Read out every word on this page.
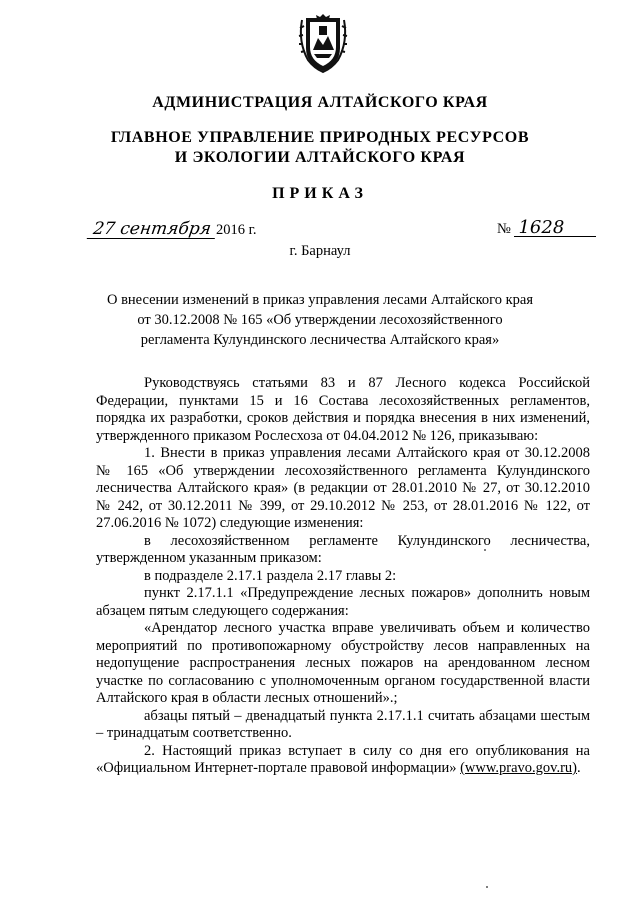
АДМИНИСТРАЦИЯ АЛТАЙСКОГО КРАЯ
ГЛАВНОЕ УПРАВЛЕНИЕ ПРИРОДНЫХ РЕСУРСОВ
И ЭКОЛОГИИ АЛТАЙСКОГО КРАЯ
ПРИКАЗ
27 сентября 2016 г.	№ 1628
г. Барнаул
О внесении изменений в приказ управления лесами Алтайского края
от 30.12.2008 № 165 «Об утверждении лесохозяйственного
регламента Кулундинского лесничества Алтайского края»

Руководствуясь статьями 83 и 87 Лесного кодекса Российской Федерации, пунктами 15 и 16 Состава лесохозяйственных регламентов, порядка их разработки, сроков действия и порядка внесения в них изменений, утвержденного приказом Рослесхоза от 04.04.2012 № 126, приказываю:

1. Внести в приказ управления лесами Алтайского края от 30.12.2008 № 165 «Об утверждении лесохозяйственного регламента Кулундинского лесничества Алтайского края» (в редакции от 28.01.2010 № 27, от 30.12.2010 № 242, от 30.12.2011 № 399, от 29.10.2012 № 253, от 28.01.2016 № 122, от 27.06.2016 № 1072) следующие изменения:

в лесохозяйственном регламенте Кулундинского лесничества, утвержденном указанным приказом:

в подразделе 2.17.1 раздела 2.17 главы 2:

пункт 2.17.1.1 «Предупреждение лесных пожаров» дополнить новым абзацем пятым следующего содержания:

«Арендатор лесного участка вправе увеличивать объем и количество мероприятий по противопожарному обустройству лесов направленных на недопущение распространения лесных пожаров на арендованном лесном участке по согласованию с уполномоченным органом государственной власти Алтайского края в области лесных отношений».;

абзацы пятый – двенадцатый пункта 2.17.1.1 считать абзацами шестым – тринадцатым соответственно.

2. Настоящий приказ вступает в силу со дня его опубликования на «Официальном Интернет-портале правовой информации» (www.pravo.gov.ru).
